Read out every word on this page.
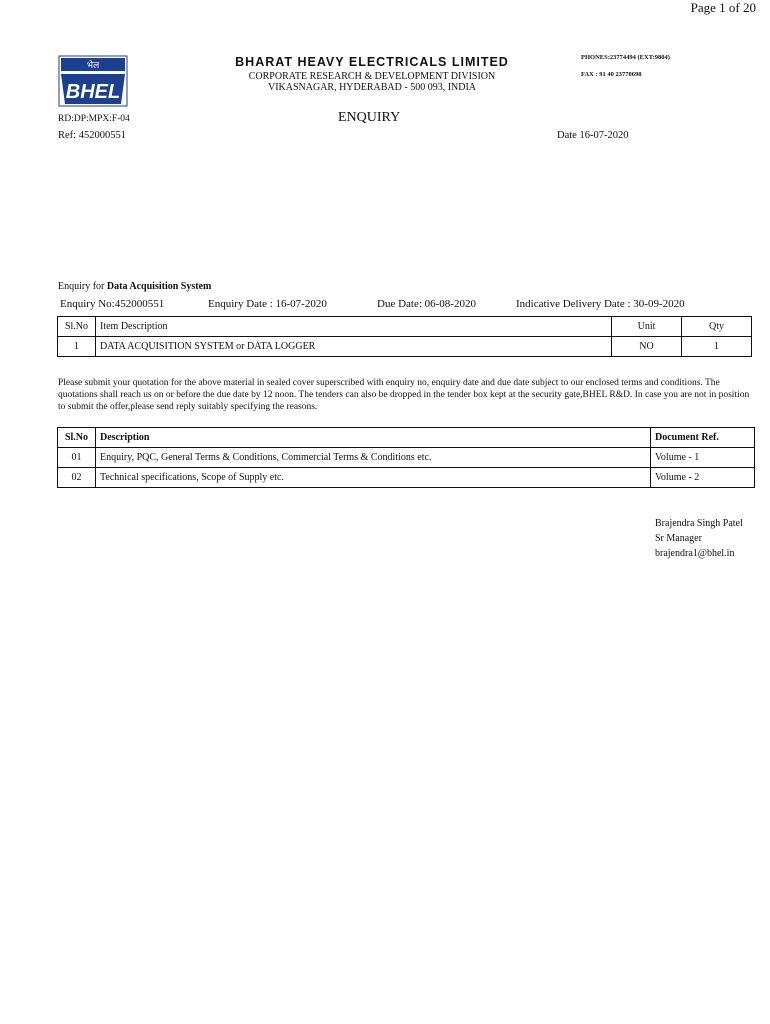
Page 1 of 20
भेल
BHEL
BHARAT HEAVY ELECTRICALS LIMITED
CORPORATE RESEARCH & DEVELOPMENT DIVISION
VIKASNAGAR, HYDERABAD - 500 093, INDIA
PHONES:23774494 (EXT:9804)
FAX : 91 40 23770698
RD:DP:MPX:F-04	ENQUIRY
Ref: 452000551	Date 16-07-2020
Enquiry for Data Acquisition System
Enquiry No:452000551	Enquiry Date : 16-07-2020	Due Date: 06-08-2020	Indicative Delivery Date : 30-09-2020
Sl.No	Item Description	Unit	Qty
1	DATA ACQUISITION SYSTEM or DATA LOGGER	NO	1
Please submit your quotation for the above material in sealed cover superscribed with enquiry no, enquiry date and due date subject to our enclosed terms and conditions. The quotations shall reach us on or before the due date by 12 noon. The tenders can also be dropped in the tender box kept at the security gate,BHEL R&D. In case you are not in position to submit the offer,please send reply suitably specifying the reasons.
Sl.No	Description	Document Ref.
01	Enquiry, PQC, General Terms & Conditions, Commercial Terms & Conditions etc.	Volume - 1
02	Technical specifications, Scope of Supply etc.	Volume - 2
Brajendra Singh Patel
Sr Manager
brajendra1@bhel.in
